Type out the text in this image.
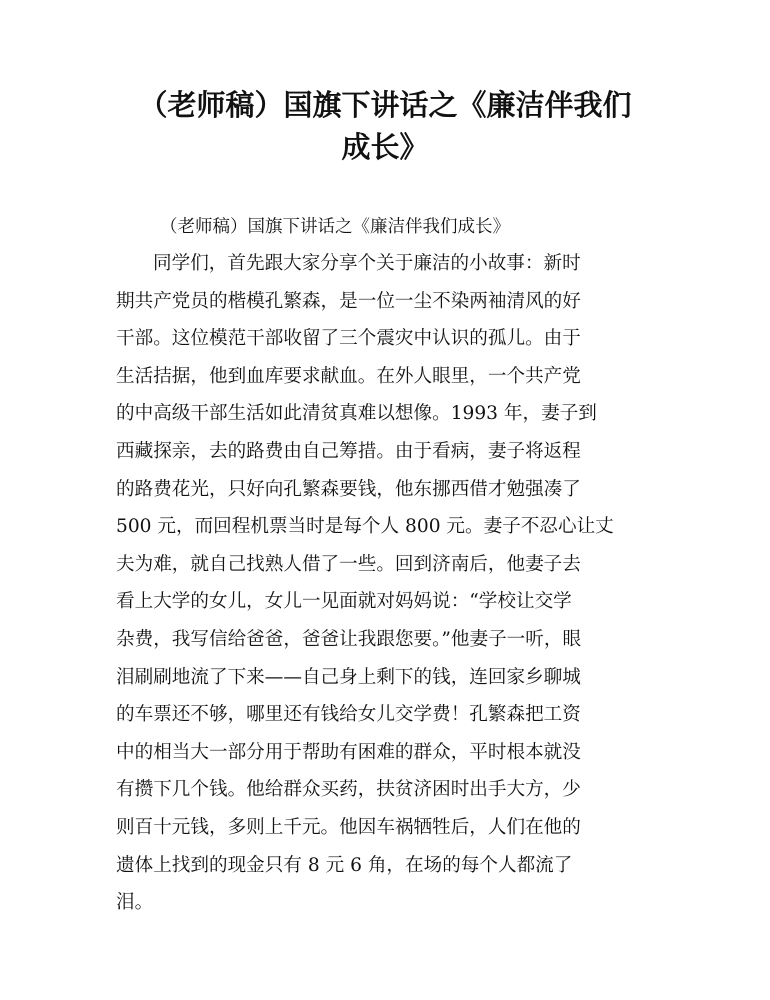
（老师稿）国旗下讲话之《廉洁伴我们
成长》

（老师稿）国旗下讲话之《廉洁伴我们成长》

同学们，首先跟大家分享个关于廉洁的小故事：新时
期共产党员的楷模孔繁森，是一位一尘不染两袖清风的好
干部。这位模范干部收留了三个震灾中认识的孤儿。由于
生活拮据，他到血库要求献血。在外人眼里，一个共产党
的中高级干部生活如此清贫真难以想像。1993 年，妻子到
西藏探亲，去的路费由自己筹措。由于看病，妻子将返程
的路费花光，只好向孔繁森要钱，他东挪西借才勉强凑了
500 元，而回程机票当时是每个人 800 元。妻子不忍心让丈
夫为难，就自己找熟人借了一些。回到济南后，他妻子去
看上大学的女儿，女儿一见面就对妈妈说：“学校让交学
杂费，我写信给爸爸，爸爸让我跟您要。”他妻子一听，眼
泪刷刷地流了下来——自己身上剩下的钱，连回家乡聊城
的车票还不够，哪里还有钱给女儿交学费！孔繁森把工资
中的相当大一部分用于帮助有困难的群众，平时根本就没
有攒下几个钱。他给群众买药，扶贫济困时出手大方，少
则百十元钱，多则上千元。他因车祸牺牲后，人们在他的
遗体上找到的现金只有 8 元 6 角，在场的每个人都流了
泪。
